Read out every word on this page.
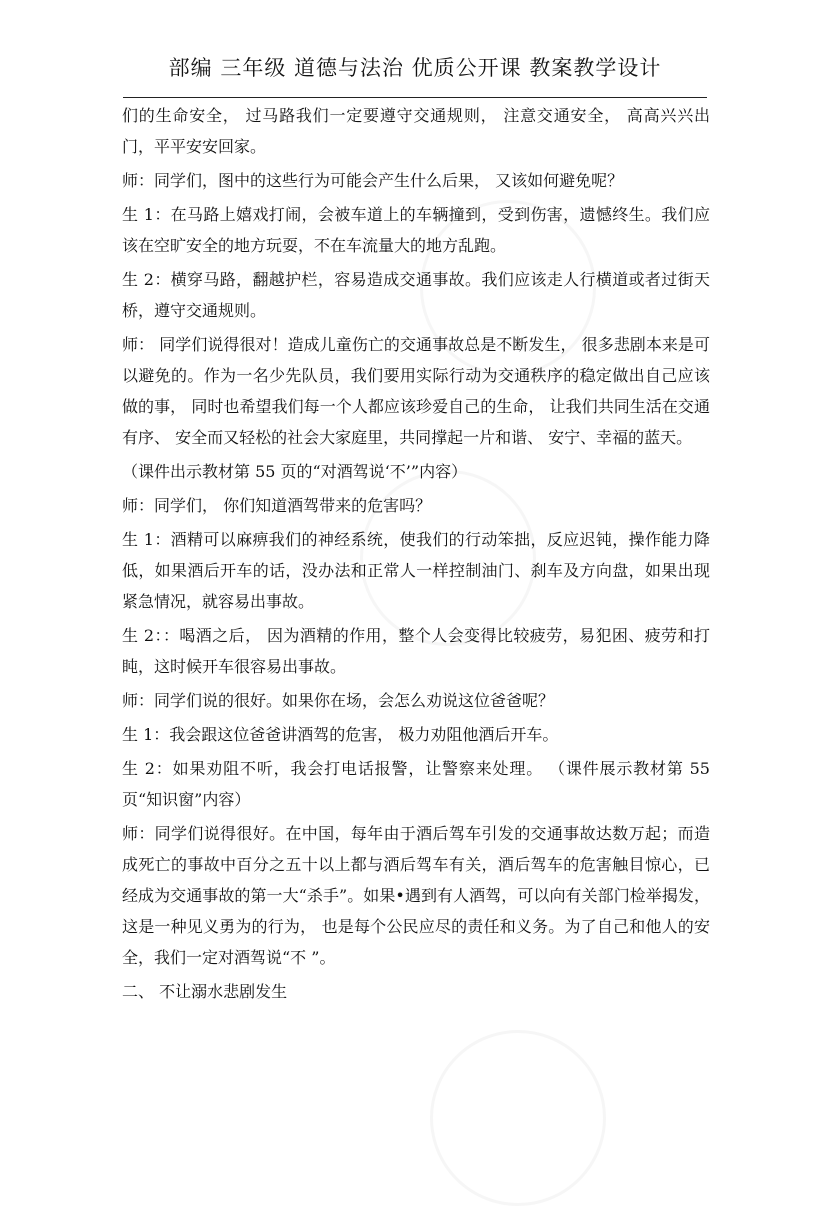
部编 三年级 道德与法治 优质公开课 教案教学设计

们的生命安全， 过马路我们一定要遵守交通规则， 注意交通安全， 高高兴兴出门，平平安安回家。

师：同学们，图中的这些行为可能会产生什么后果， 又该如何避免呢？

生 1：在马路上嬉戏打闹，会被车道上的车辆撞到，受到伤害，遗憾终生。我们应该在空旷安全的地方玩耍，不在车流量大的地方乱跑。

生 2：横穿马路，翻越护栏，容易造成交通事故。我们应该走人行横道或者过街天桥，遵守交通规则。

师： 同学们说得很对！造成儿童伤亡的交通事故总是不断发生， 很多悲剧本来是可以避免的。作为一名少先队员，我们要用实际行动为交通秩序的稳定做出自己应该做的事， 同时也希望我们每一个人都应该珍爱自己的生命， 让我们共同生活在交通有序、 安全而又轻松的社会大家庭里，共同撑起一片和谐、 安宁、幸福的蓝天。

（课件出示教材第 55 页的“对酒驾说‘不’”内容）

师：同学们， 你们知道酒驾带来的危害吗？

生 1：酒精可以麻痹我们的神经系统，使我们的行动笨拙，反应迟钝，操作能力降低，如果酒后开车的话，没办法和正常人一样控制油门、刹车及方向盘，如果出现紧急情况，就容易出事故。

生 2：：喝酒之后， 因为酒精的作用，整个人会变得比较疲劳，易犯困、疲劳和打盹，这时候开车很容易出事故。

师：同学们说的很好。如果你在场，会怎么劝说这位爸爸呢？

生 1：我会跟这位爸爸讲酒驾的危害， 极力劝阻他酒后开车。

生 2：如果劝阻不听，我会打电话报警，让警察来处理。 （课件展示教材第 55 页“知识窗”内容）

师：同学们说得很好。在中国，每年由于酒后驾车引发的交通事故达数万起；而造成死亡的事故中百分之五十以上都与酒后驾车有关，酒后驾车的危害触目惊心，已经成为交通事故的第一大“杀手”。如果•遇到有人酒驾，可以向有关部门检举揭发，这是一种见义勇为的行为， 也是每个公民应尽的责任和义务。为了自己和他人的安全，我们一定对酒驾说“不 ”。

二、 不让溺水悲剧发生
